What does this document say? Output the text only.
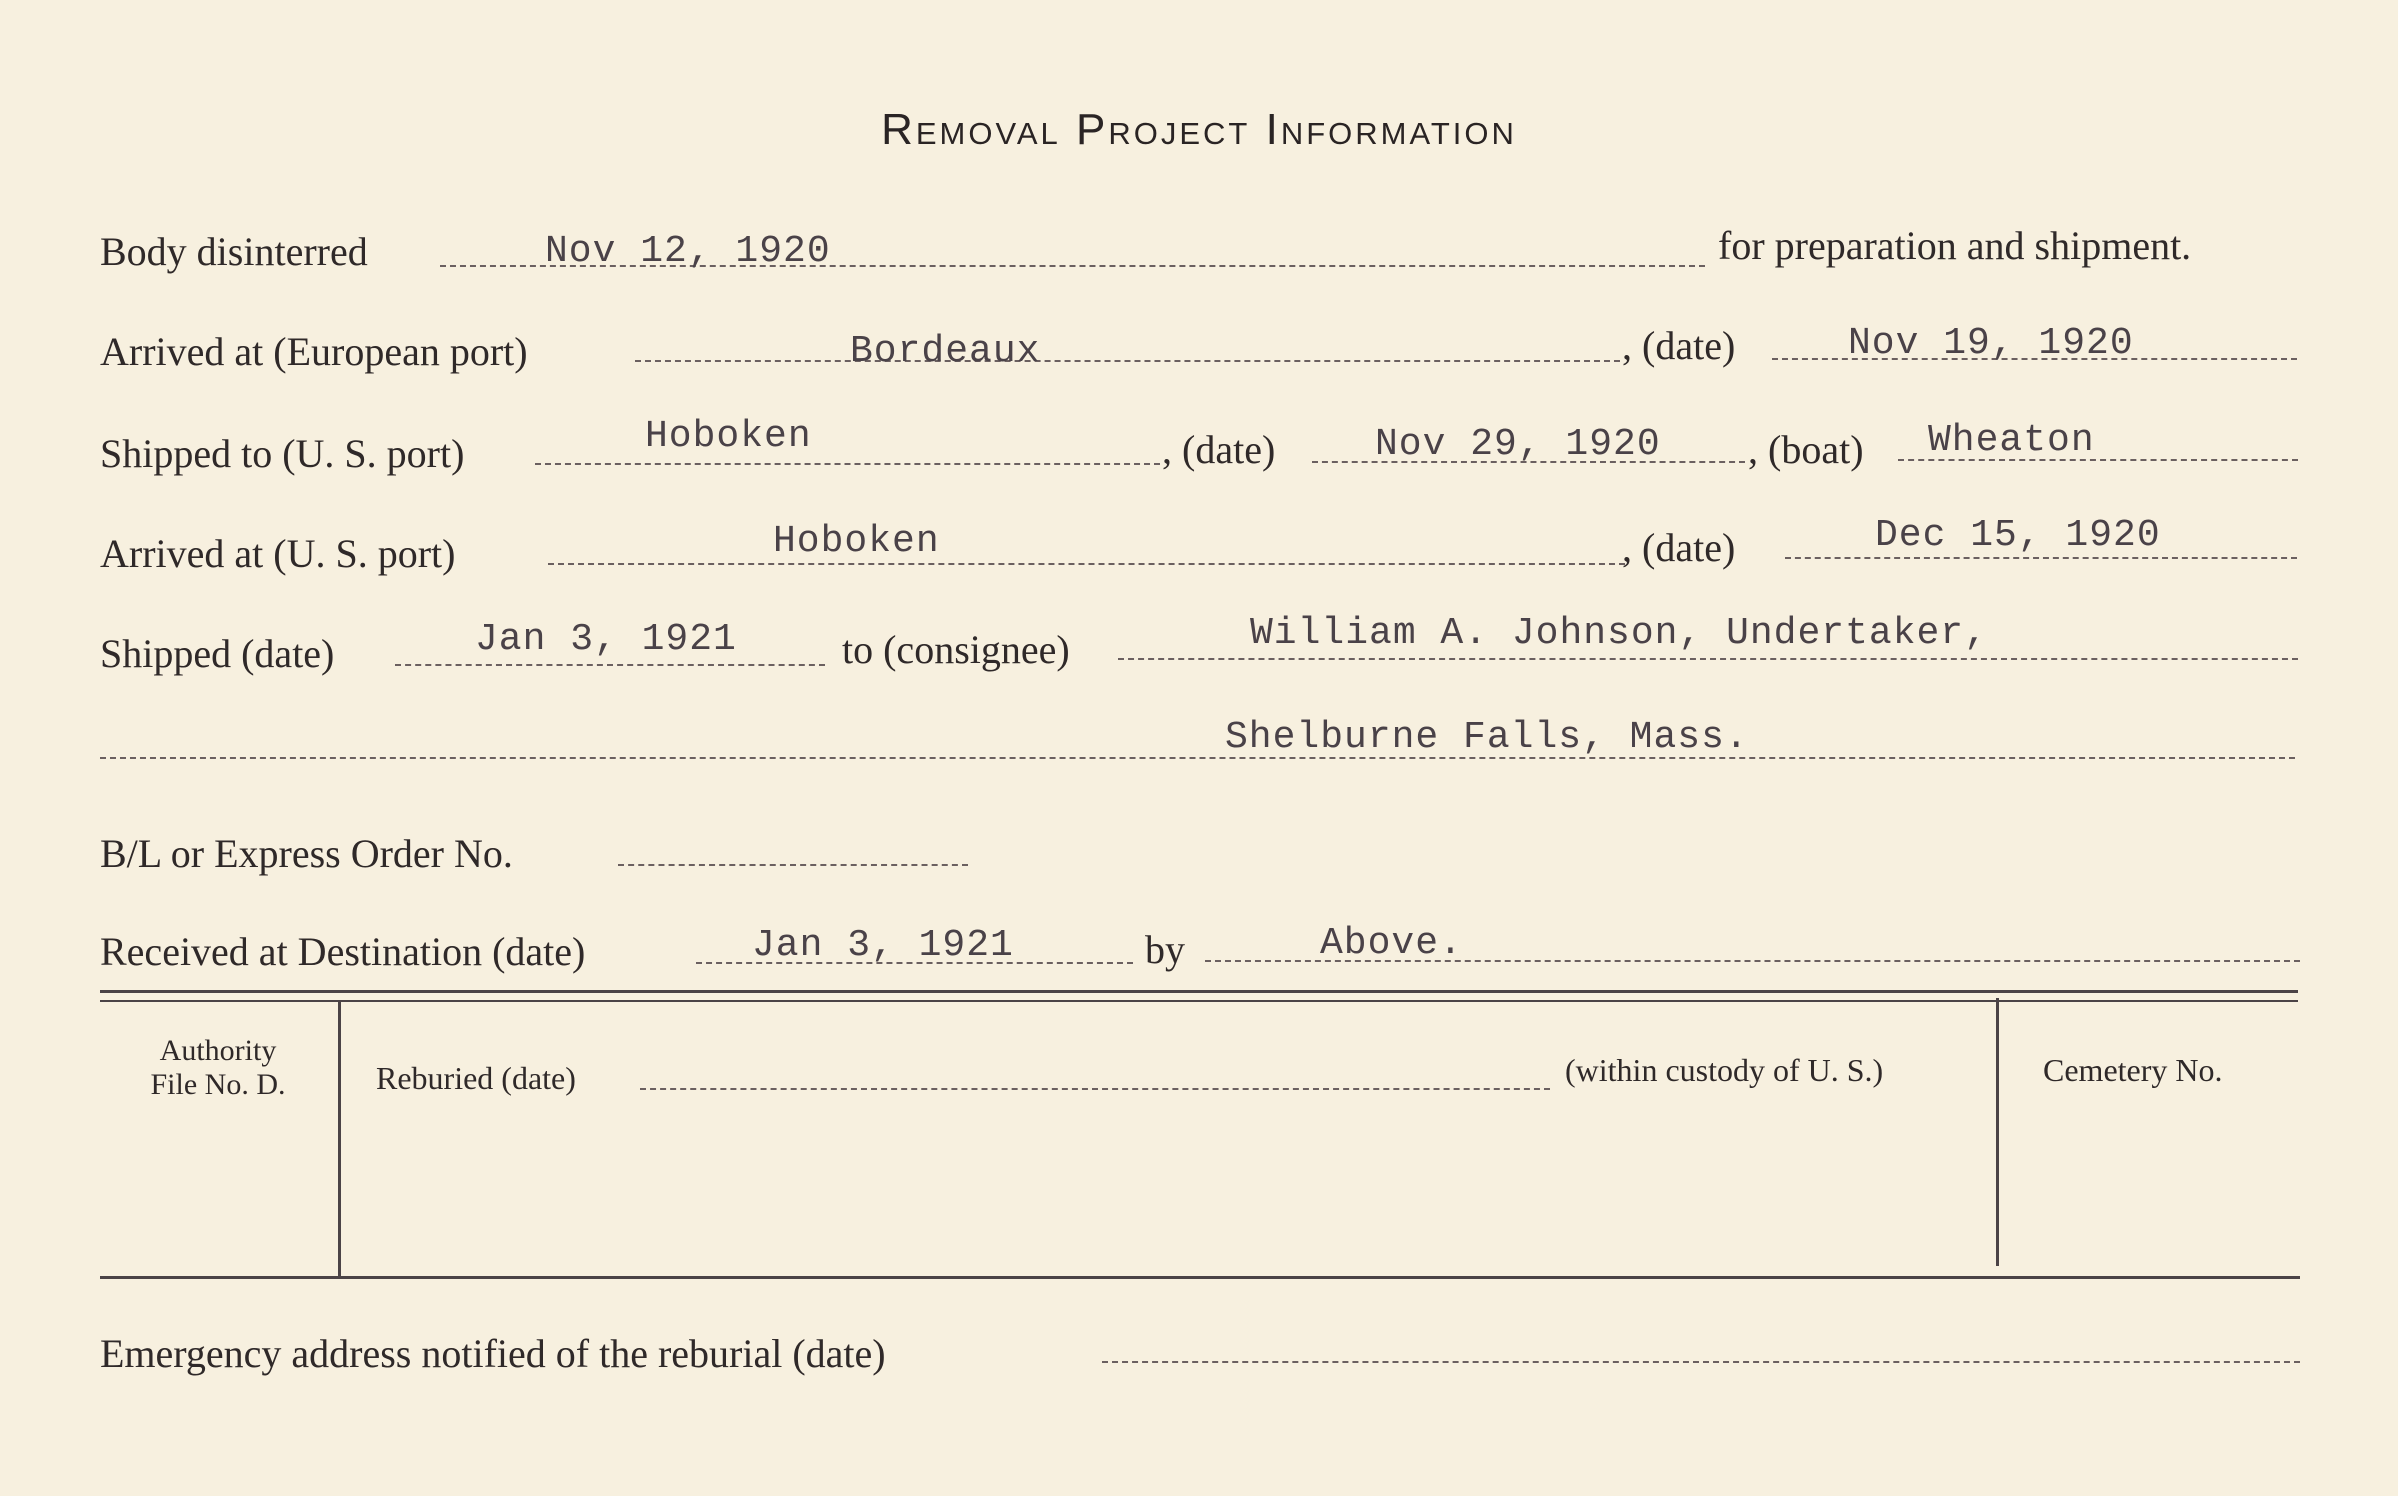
Removal Project Information
Body disinterred	Nov 12, 1920	for preparation and shipment.
Arrived at (European port)	Bordeaux	, (date)	Nov 19, 1920
Shipped to (U. S. port)	Hoboken	, (date)	Nov 29, 1920 , (boat) Wheaton
Arrived at (U. S. port)	Hoboken	, (date)	Dec 15, 1920
Shipped (date)	Jan 3, 1921	to (consignee)	William A. Johnson, Undertaker,
Shelburne Falls, Mass.
B/L or Express Order No.
Received at Destination (date)	Jan 3, 1921	by	Above.
Authority
File No. D.	Reburied (date)	(within custody of U. S.)	Cemetery No.
Emergency address notified of the reburial (date)
